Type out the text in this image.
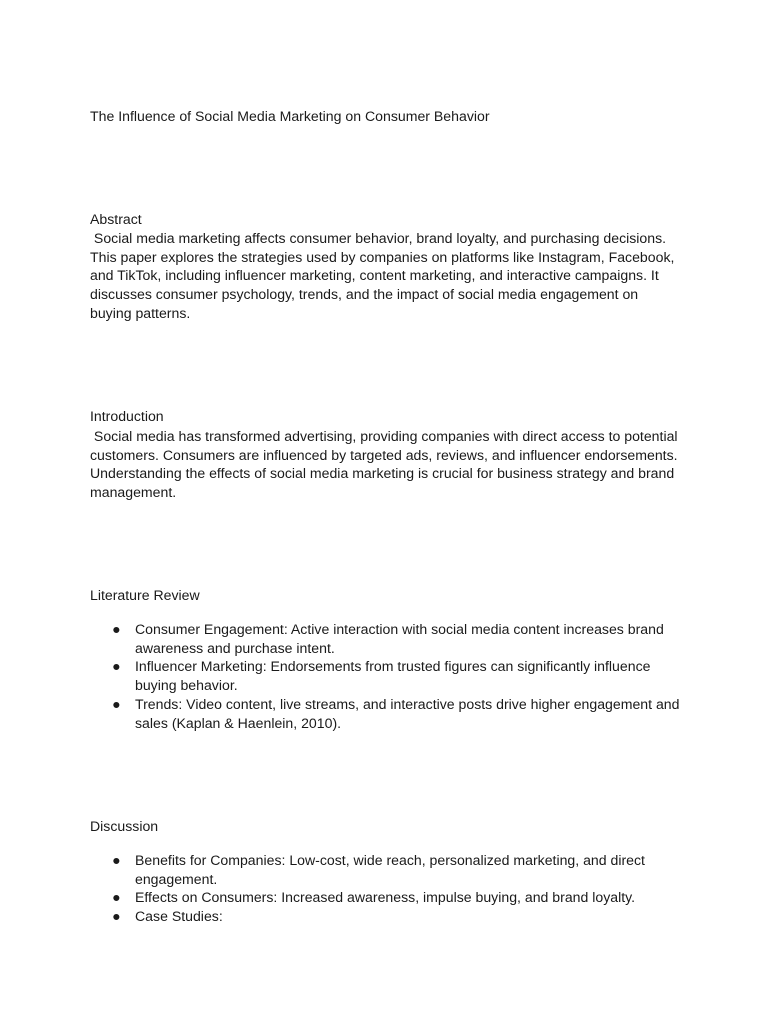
The Influence of Social Media Marketing on Consumer Behavior

Abstract

Social media marketing affects consumer behavior, brand loyalty, and purchasing decisions. This paper explores the strategies used by companies on platforms like Instagram, Facebook, and TikTok, including influencer marketing, content marketing, and interactive campaigns. It discusses consumer psychology, trends, and the impact of social media engagement on buying patterns.

Introduction

Social media has transformed advertising, providing companies with direct access to potential customers. Consumers are influenced by targeted ads, reviews, and influencer endorsements. Understanding the effects of social media marketing is crucial for business strategy and brand management.

Literature Review

● Consumer Engagement: Active interaction with social media content increases brand awareness and purchase intent.
● Influencer Marketing: Endorsements from trusted figures can significantly influence buying behavior.
● Trends: Video content, live streams, and interactive posts drive higher engagement and sales (Kaplan & Haenlein, 2010).

Discussion

● Benefits for Companies: Low-cost, wide reach, personalized marketing, and direct engagement.
● Effects on Consumers: Increased awareness, impulse buying, and brand loyalty.
● Case Studies:
